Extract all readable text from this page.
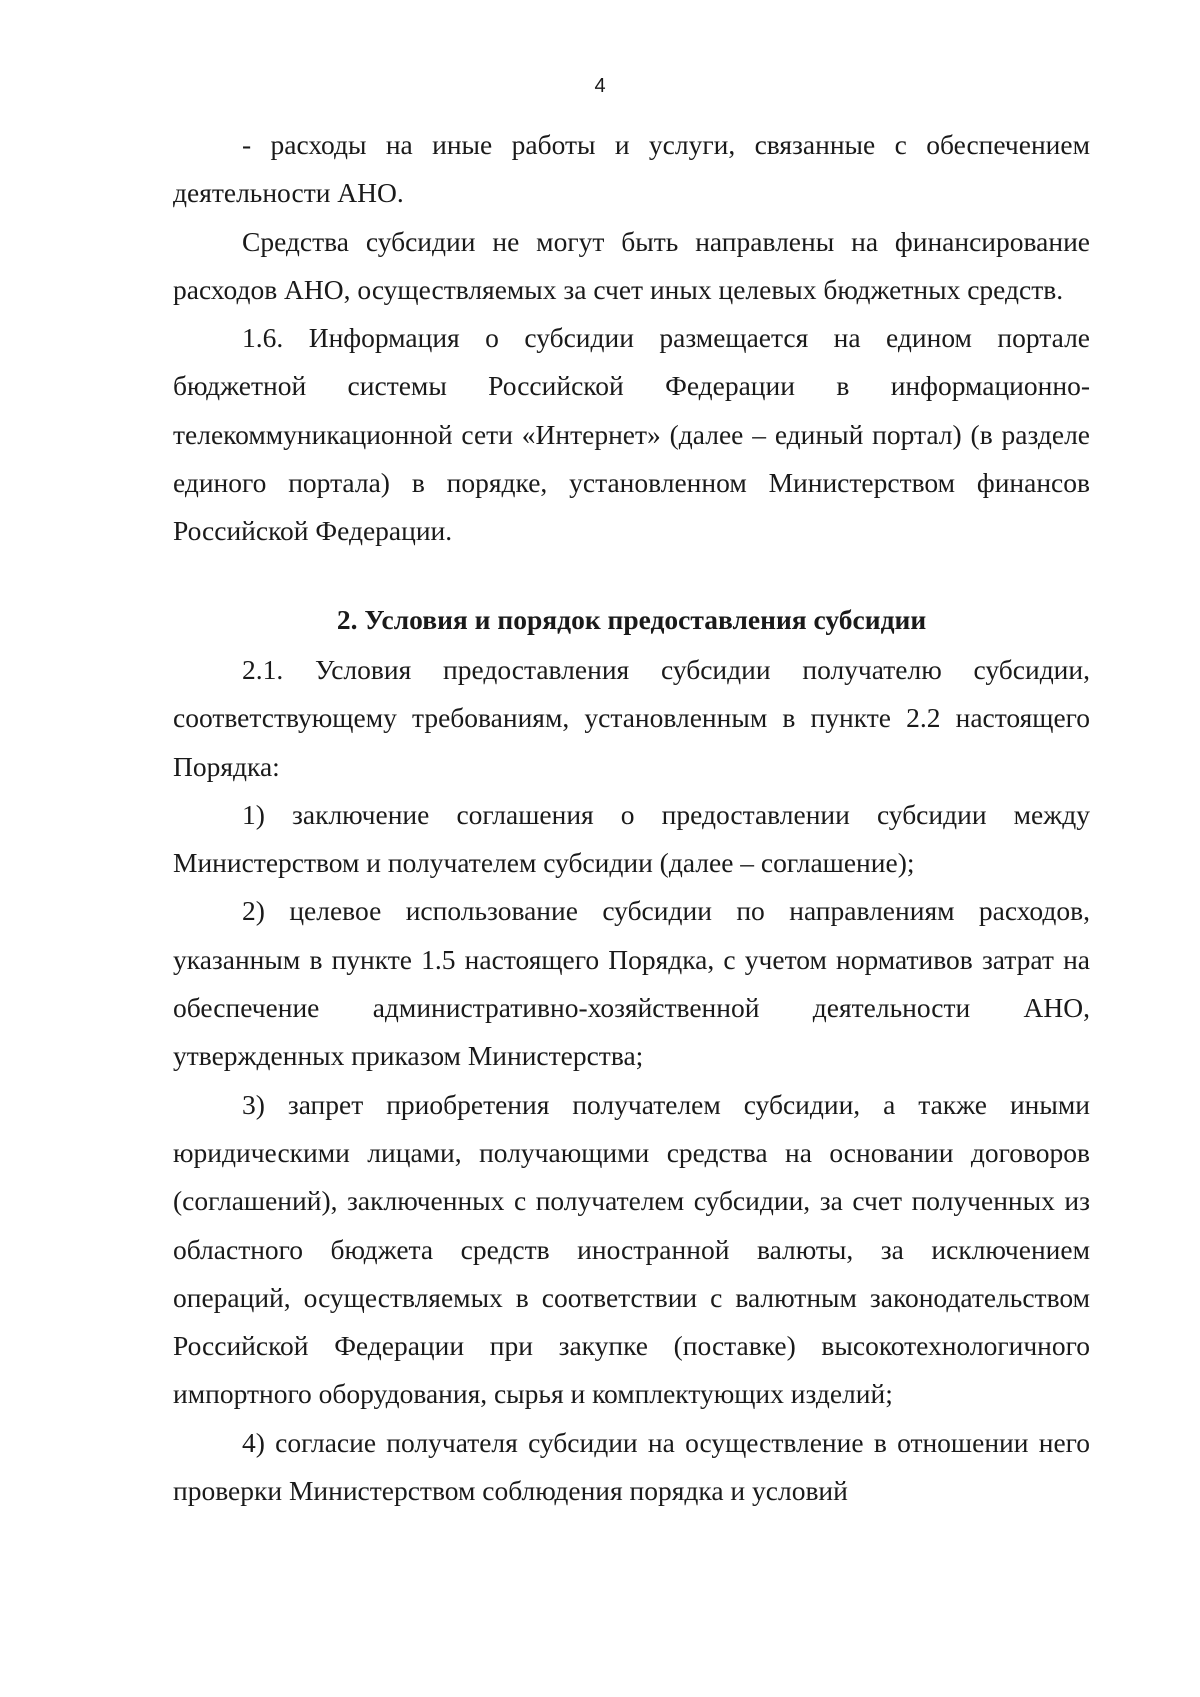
4

- расходы на иные работы и услуги, связанные с обеспечением деятельности АНО.

Средства субсидии не могут быть направлены на финансирование расходов АНО, осуществляемых за счет иных целевых бюджетных средств.

1.6. Информация о субсидии размещается на едином портале бюджетной системы Российской Федерации в информационно-телекоммуникационной сети «Интернет» (далее – единый портал) (в разделе единого портала) в порядке, установленном Министерством финансов Российской Федерации.

2. Условия и порядок предоставления субсидии

2.1. Условия предоставления субсидии получателю субсидии, соответствующему требованиям, установленным в пункте 2.2 настоящего Порядка:

1) заключение соглашения о предоставлении субсидии между Министерством и получателем субсидии (далее – соглашение);

2) целевое использование субсидии по направлениям расходов, указанным в пункте 1.5 настоящего Порядка, с учетом нормативов затрат на обеспечение административно-хозяйственной деятельности АНО, утвержденных приказом Министерства;

3) запрет приобретения получателем субсидии, а также иными юридическими лицами, получающими средства на основании договоров (соглашений), заключенных с получателем субсидии, за счет полученных из областного бюджета средств иностранной валюты, за исключением операций, осуществляемых в соответствии с валютным законодательством Российской Федерации при закупке (поставке) высокотехнологичного импортного оборудования, сырья и комплектующих изделий;

4) согласие получателя субсидии на осуществление в отношении него проверки Министерством соблюдения порядка и условий
